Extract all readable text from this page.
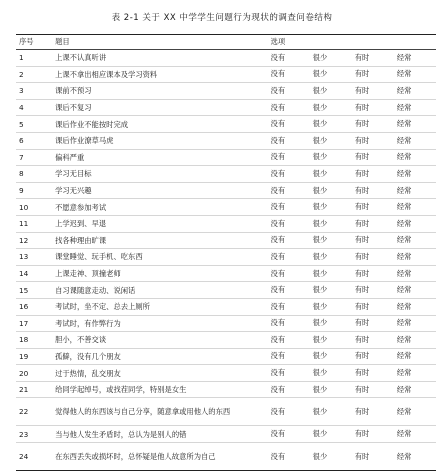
表 2-1 关于 XX 中学学生问题行为现状的调查问卷结构
序号	题目	选项			
1	上课不认真听讲	没有	很少	有时	经常
2	上课不拿出相应课本及学习资料	没有	很少	有时	经常
3	课前不预习	没有	很少	有时	经常
4	课后不复习	没有	很少	有时	经常
5	课后作业不能按时完成	没有	很少	有时	经常
6	课后作业潦草马虎	没有	很少	有时	经常
7	偏科严重	没有	很少	有时	经常
8	学习无目标	没有	很少	有时	经常
9	学习无兴趣	没有	很少	有时	经常
10	不愿意参加考试	没有	很少	有时	经常
11	上学迟到、早退	没有	很少	有时	经常
12	找各种理由旷课	没有	很少	有时	经常
13	课堂睡觉、玩手机、吃东西	没有	很少	有时	经常
14	上课走神、顶撞老师	没有	很少	有时	经常
15	自习课随意走动、说闲话	没有	很少	有时	经常
16	考试时，坐不定、总去上厕所	没有	很少	有时	经常
17	考试时，有作弊行为	没有	很少	有时	经常
18	胆小，不善交谈	没有	很少	有时	经常
19	孤僻，没有几个朋友	没有	很少	有时	经常
20	过于热情，乱交朋友	没有	很少	有时	经常
21	给同学起绰号，或找茬同学，特别是女生	没有	很少	有时	经常
22	觉得他人的东西该与自己分享，随意拿或用他人的东西	没有	很少	有时	经常
23	当与他人发生矛盾时，总认为是别人的错	没有	很少	有时	经常
24	在东西丢失或损坏时，总怀疑是他人故意所为自己	没有	很少	有时	经常
